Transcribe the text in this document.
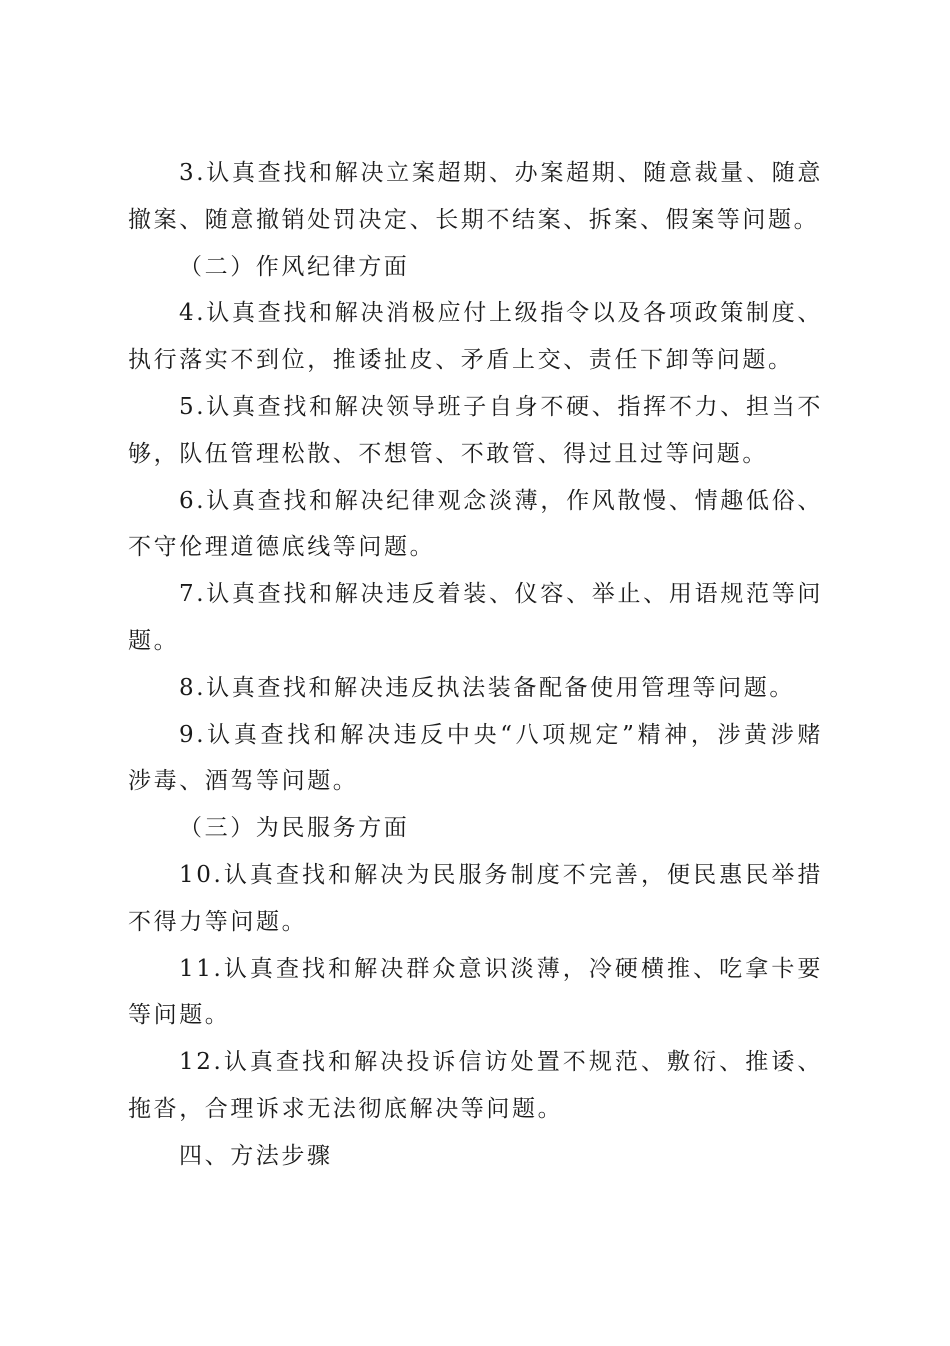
3.认真查找和解决立案超期、办案超期、随意裁量、随意撤案、随意撤销处罚决定、长期不结案、拆案、假案等问题。

（二）作风纪律方面

4.认真查找和解决消极应付上级指令以及各项政策制度、执行落实不到位，推诿扯皮、矛盾上交、责任下卸等问题。

5.认真查找和解决领导班子自身不硬、指挥不力、担当不够，队伍管理松散、不想管、不敢管、得过且过等问题。

6.认真查找和解决纪律观念淡薄，作风散慢、情趣低俗、不守伦理道德底线等问题。

7.认真查找和解决违反着装、仪容、举止、用语规范等问题。

8.认真查找和解决违反执法装备配备使用管理等问题。

9.认真查找和解决违反中央“八项规定”精神，涉黄涉赌涉毒、酒驾等问题。

（三）为民服务方面

10.认真查找和解决为民服务制度不完善，便民惠民举措不得力等问题。

11.认真查找和解决群众意识淡薄，冷硬横推、吃拿卡要等问题。

12.认真查找和解决投诉信访处置不规范、敷衍、推诿、拖沓，合理诉求无法彻底解决等问题。

四、方法步骤
